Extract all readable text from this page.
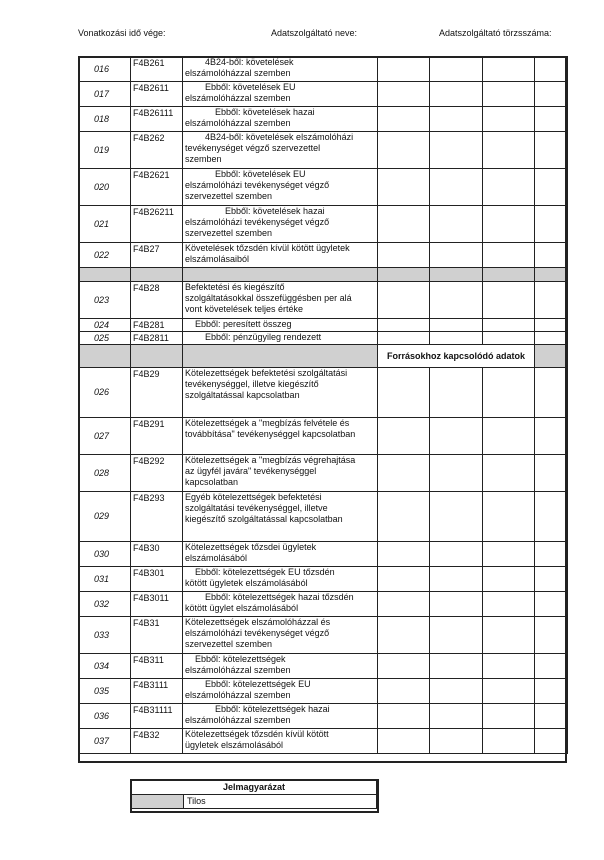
Vonatkozási idő vége:	Adatszolgáltató neve:	Adatszolgáltató törzsszáma:
016	F4B261	4B24-ből: követelések
elszámolóházzal szemben				
017	F4B2611	Ebből: követelések EU
elszámolóházzal szemben				
018	F4B26111	Ebből: követelések hazai
elszámolóházzal szemben				
019	F4B262	4B24-ből: követelések elszámolóházi
tevékenységet végző szervezettel
szemben				
020	F4B2621	Ebből: követelések EU
elszámolóházi tevékenységet végző
szervezettel szemben				
021	F4B26211	Ebből: követelések hazai
elszámolóházi tevékenységet végző
szervezettel szemben				
022	F4B27	Követelések tőzsdén kívül kötött ügyletek
elszámolásaiból				

023	F4B28	Befektetési és kiegészítő
szolgáltatásokkal összefüggésben per alá
vont követelések teljes értéke				
024	F4B281	Ebből: peresített összeg				
025	F4B2811	Ebből: pénzügyileg rendezett				
			Forrásokhoz kapcsolódó adatok			
026	F4B29	Kötelezettségek befektetési szolgáltatási
tevékenységgel, illetve kiegészítő
szolgáltatással kapcsolatban				
027	F4B291	Kötelezettségek a "megbízás felvétele és
továbbítása" tevékenységgel kapcsolatban				
028	F4B292	Kötelezettségek a "megbízás végrehajtása
az ügyfél javára" tevékenységgel
kapcsolatban				
029	F4B293	Egyéb kötelezettségek befektetési
szolgáltatási tevékenységgel, illetve
kiegészítő szolgáltatással kapcsolatban				
030	F4B30	Kötelezettségek tőzsdei ügyletek
elszámolásából				
031	F4B301	Ebből: kötelezettségek EU tőzsdén
kötött ügyletek elszámolásából				
032	F4B3011	Ebből: kötelezettségek hazai tőzsdén
kötött ügylet elszámolásából				
033	F4B31	Kötelezettségek elszámolóházzal és
elszámolóházi tevékenységet végző
szervezettel szemben				
034	F4B311	Ebből: kötelezettségek
elszámolóházzal szemben				
035	F4B3111	Ebből: kötelezettségek EU
elszámolóházzal szemben				
036	F4B31111	Ebből: kötelezettségek hazai
elszámolóházzal szemben				
037	F4B32	Kötelezettségek tőzsdén kívül kötött
ügyletek elszámolásából				
Jelmagyarázat
	Tilos
